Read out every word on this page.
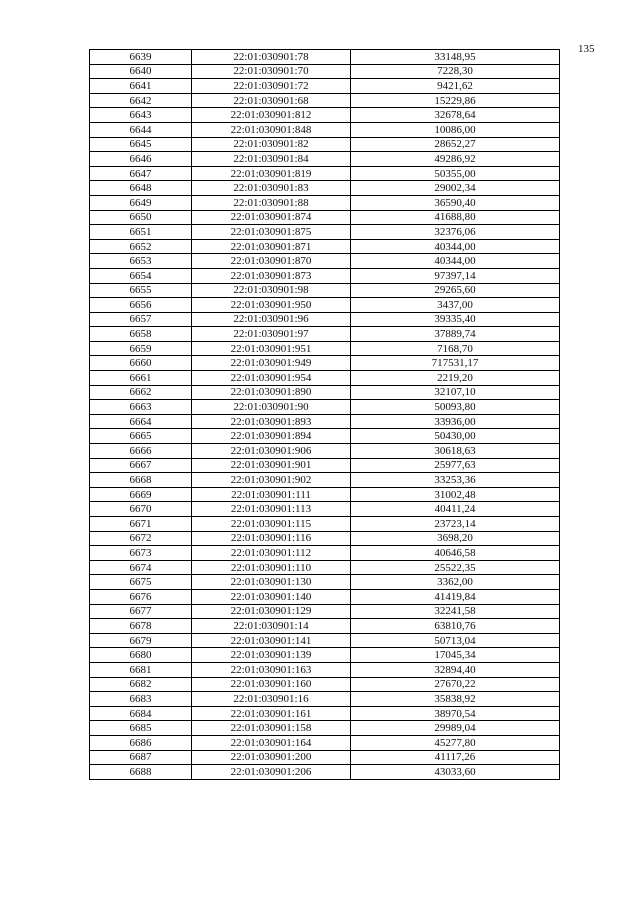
135
6639	22:01:030901:78	33148,95
6640	22:01:030901:70	7228,30
6641	22:01:030901:72	9421,62
6642	22:01:030901:68	15229,86
6643	22:01:030901:812	32678,64
6644	22:01:030901:848	10086,00
6645	22:01:030901:82	28652,27
6646	22:01:030901:84	49286,92
6647	22:01:030901:819	50355,00
6648	22:01:030901:83	29002,34
6649	22:01:030901:88	36590,40
6650	22:01:030901:874	41688,80
6651	22:01:030901:875	32376,06
6652	22:01:030901:871	40344,00
6653	22:01:030901:870	40344,00
6654	22:01:030901:873	97397,14
6655	22:01:030901:98	29265,60
6656	22:01:030901:950	3437,00
6657	22:01:030901:96	39335,40
6658	22:01:030901:97	37889,74
6659	22:01:030901:951	7168,70
6660	22:01:030901:949	717531,17
6661	22:01:030901:954	2219,20
6662	22:01:030901:890	32107,10
6663	22:01:030901:90	50093,80
6664	22:01:030901:893	33936,00
6665	22:01:030901:894	50430,00
6666	22:01:030901:906	30618,63
6667	22:01:030901:901	25977,63
6668	22:01:030901:902	33253,36
6669	22:01:030901:111	31002,48
6670	22:01:030901:113	40411,24
6671	22:01:030901:115	23723,14
6672	22:01:030901:116	3698,20
6673	22:01:030901:112	40646,58
6674	22:01:030901:110	25522,35
6675	22:01:030901:130	3362,00
6676	22:01:030901:140	41419,84
6677	22:01:030901:129	32241,58
6678	22:01:030901:14	63810,76
6679	22:01:030901:141	50713,04
6680	22:01:030901:139	17045,34
6681	22:01:030901:163	32894,40
6682	22:01:030901:160	27670,22
6683	22:01:030901:16	35838,92
6684	22:01:030901:161	38970,54
6685	22:01:030901:158	29989,04
6686	22:01:030901:164	45277,80
6687	22:01:030901:200	41117,26
6688	22:01:030901:206	43033,60
